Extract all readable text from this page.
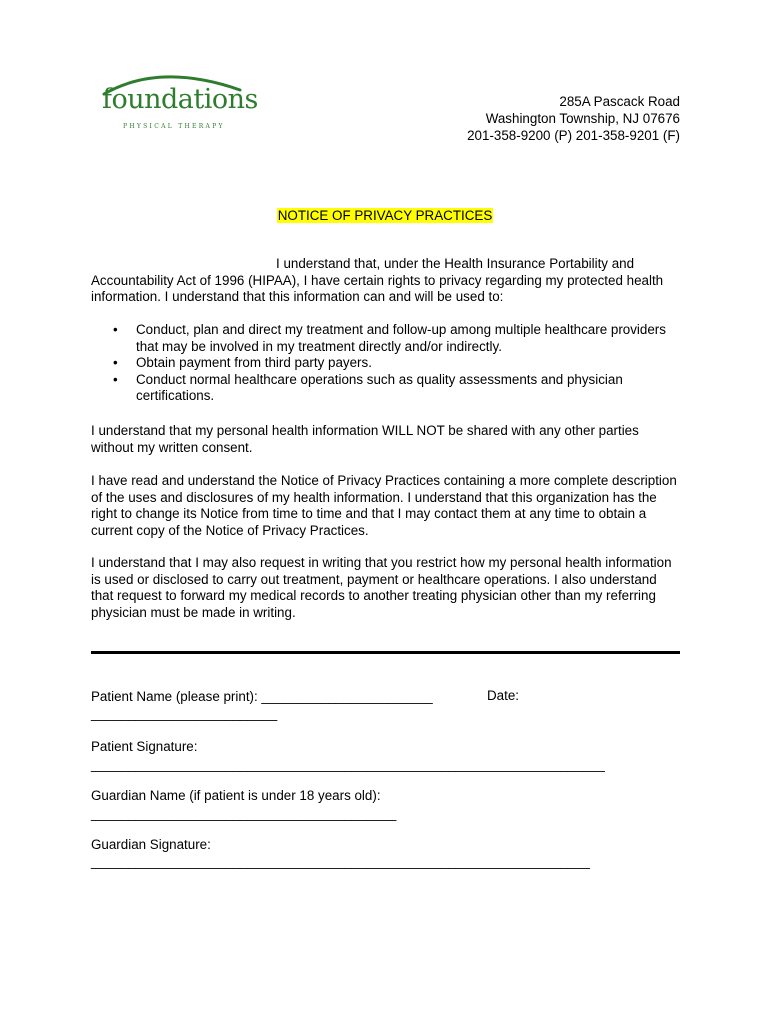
foundations
PHYSICAL THERAPY
285A Pascack Road
Washington Township, NJ 07676
201-358-9200 (P) 201-358-9201 (F)
NOTICE OF PRIVACY PRACTICES
I understand that, under the Health Insurance Portability and
Accountability Act of 1996 (HIPAA), I have certain rights to privacy regarding my protected health information. I understand that this information can and will be used to:
• Conduct, plan and direct my treatment and follow-up among multiple healthcare providers that may be involved in my treatment directly and/or indirectly.
• Obtain payment from third party payers.
• Conduct normal healthcare operations such as quality assessments and physician certifications.
I understand that my personal health information WILL NOT be shared with any other parties without my written consent.
I have read and understand the Notice of Privacy Practices containing a more complete description of the uses and disclosures of my health information. I understand that this organization has the right to change its Notice from time to time and that I may contact them at any time to obtain a current copy of the Notice of Privacy Practices.
I understand that I may also request in writing that you restrict how my personal health information is used or disclosed to carry out treatment, payment or healthcare operations. I also understand that request to forward my medical records to another treating physician other than my referring physician must be made in writing.
Patient Name (please print): _______________________	Date:
_________________________
Patient Signature:
_____________________________________________________________________
Guardian Name (if patient is under 18 years old):
_________________________________________
Guardian Signature:
___________________________________________________________________
